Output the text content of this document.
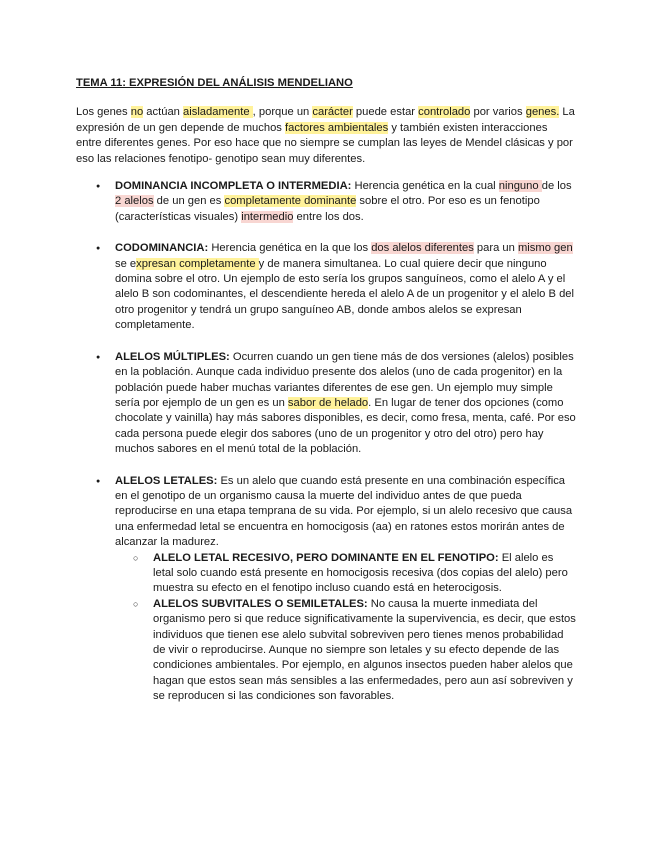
TEMA 11: EXPRESIÓN DEL ANÁLISIS MENDELIANO

Los genes no actúan aisladamente , porque un carácter puede estar controlado por varios genes. La expresión de un gen depende de muchos factores ambientales y también existen interacciones entre diferentes genes. Por eso hace que no siempre se cumplan las leyes de Mendel clásicas y por eso las relaciones fenotipo- genotipo sean muy diferentes.

● DOMINANCIA INCOMPLETA O INTERMEDIA: Herencia genética en la cual ninguno de los 2 alelos de un gen es completamente dominante sobre el otro. Por eso es un fenotipo (características visuales) intermedio entre los dos.
● CODOMINANCIA: Herencia genética en la que los dos alelos diferentes para un mismo gen se expresan completamente y de manera simultanea. Lo cual quiere decir que ninguno domina sobre el otro. Un ejemplo de esto sería los grupos sanguíneos, como el alelo A y el alelo B son codominantes, el descendiente hereda el alelo A de un progenitor y el alelo B del otro progenitor y tendrá un grupo sanguíneo AB, donde ambos alelos se expresan completamente.
● ALELOS MÚLTIPLES: Ocurren cuando un gen tiene más de dos versiones (alelos) posibles en la población. Aunque cada individuo presente dos alelos (uno de cada progenitor) en la población puede haber muchas variantes diferentes de ese gen. Un ejemplo muy simple sería por ejemplo de un gen es un sabor de helado. En lugar de tener dos opciones (como chocolate y vainilla) hay más sabores disponibles, es decir, como fresa, menta, café. Por eso cada persona puede elegir dos sabores (uno de un progenitor y otro del otro) pero hay muchos sabores en el menú total de la población.
● ALELOS LETALES: Es un alelo que cuando está presente en una combinación específica en el genotipo de un organismo causa la muerte del individuo antes de que pueda reproducirse en una etapa temprana de su vida. Por ejemplo, si un alelo recesivo que causa una enfermedad letal se encuentra en homocigosis (aa) en ratones estos morirán antes de alcanzar la madurez.
○ ALELO LETAL RECESIVO, PERO DOMINANTE EN EL FENOTIPO: El alelo es letal solo cuando está presente en homocigosis recesiva (dos copias del alelo) pero muestra su efecto en el fenotipo incluso cuando está en heterocigosis.
○ ALELOS SUBVITALES O SEMILETALES: No causa la muerte inmediata del organismo pero si que reduce significativamente la supervivencia, es decir, que estos individuos que tienen ese alelo subvital sobreviven pero tienes menos probabilidad de vivir o reproducirse. Aunque no siempre son letales y su efecto depende de las condiciones ambientales. Por ejemplo, en algunos insectos pueden haber alelos que hagan que estos sean más sensibles a las enfermedades, pero aun así sobreviven y se reproducen si las condiciones son favorables.
